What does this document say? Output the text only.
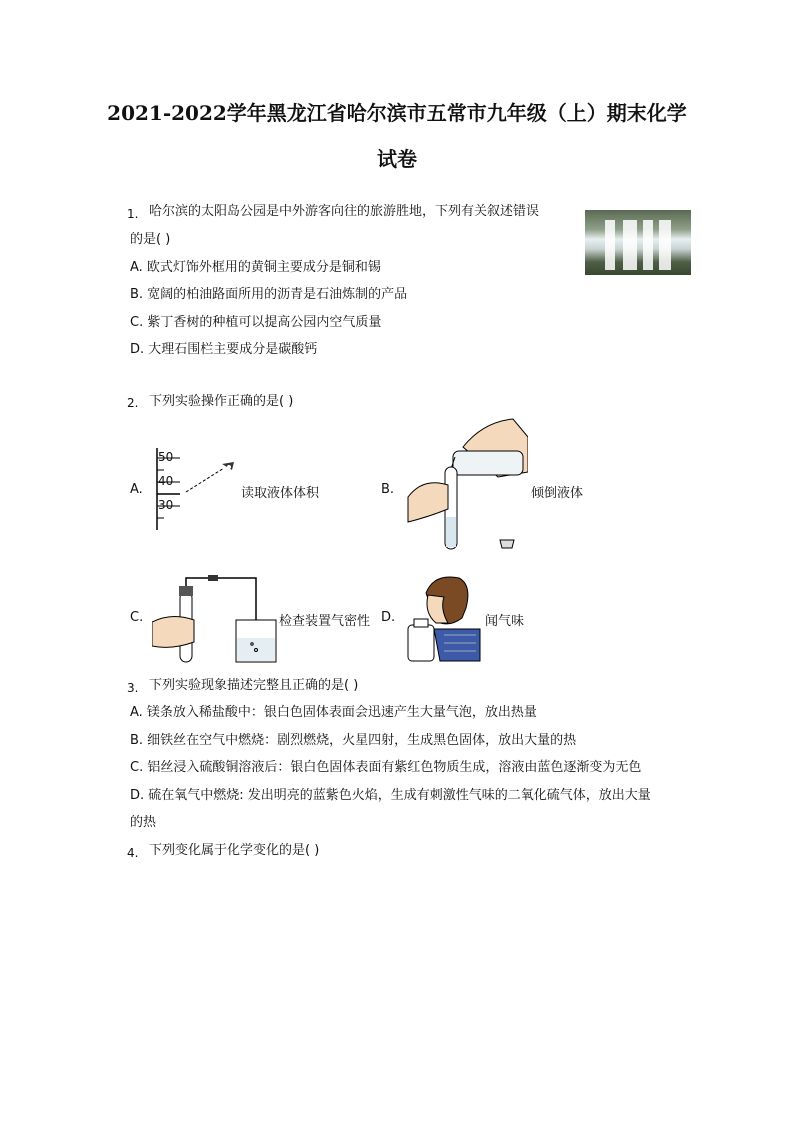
2021-2022学年黑龙江省哈尔滨市五常市九年级（上）期末化学
试卷
1. 哈尔滨的太阳岛公园是中外游客向往的旅游胜地，下列有关叙述错误
的是( )
A. 欧式灯饰外框用的黄铜主要成分是铜和锡
B. 宽阔的柏油路面所用的沥青是石油炼制的产品
C. 紫丁香树的种植可以提高公园内空气质量
D. 大理石围栏主要成分是碳酸钙
2. 下列实验操作正确的是( )
A.
50
40
30
读取液体体积	B.	倾倒液体
C.	检查装置气密性 D.	闻气味
3. 下列实验现象描述完整且正确的是( )
A. 镁条放入稀盐酸中：银白色固体表面会迅速产生大量气泡，放出热量
B. 细铁丝在空气中燃烧：剧烈燃烧，火星四射，生成黑色固体，放出大量的热
C. 铝丝浸入硫酸铜溶液后：银白色固体表面有紫红色物质生成，溶液由蓝色逐渐变为无色
D. 硫在氧气中燃烧: 发出明亮的蓝紫色火焰，生成有刺激性气味的二氧化硫气体，放出大量
的热
4. 下列变化属于化学变化的是( )
